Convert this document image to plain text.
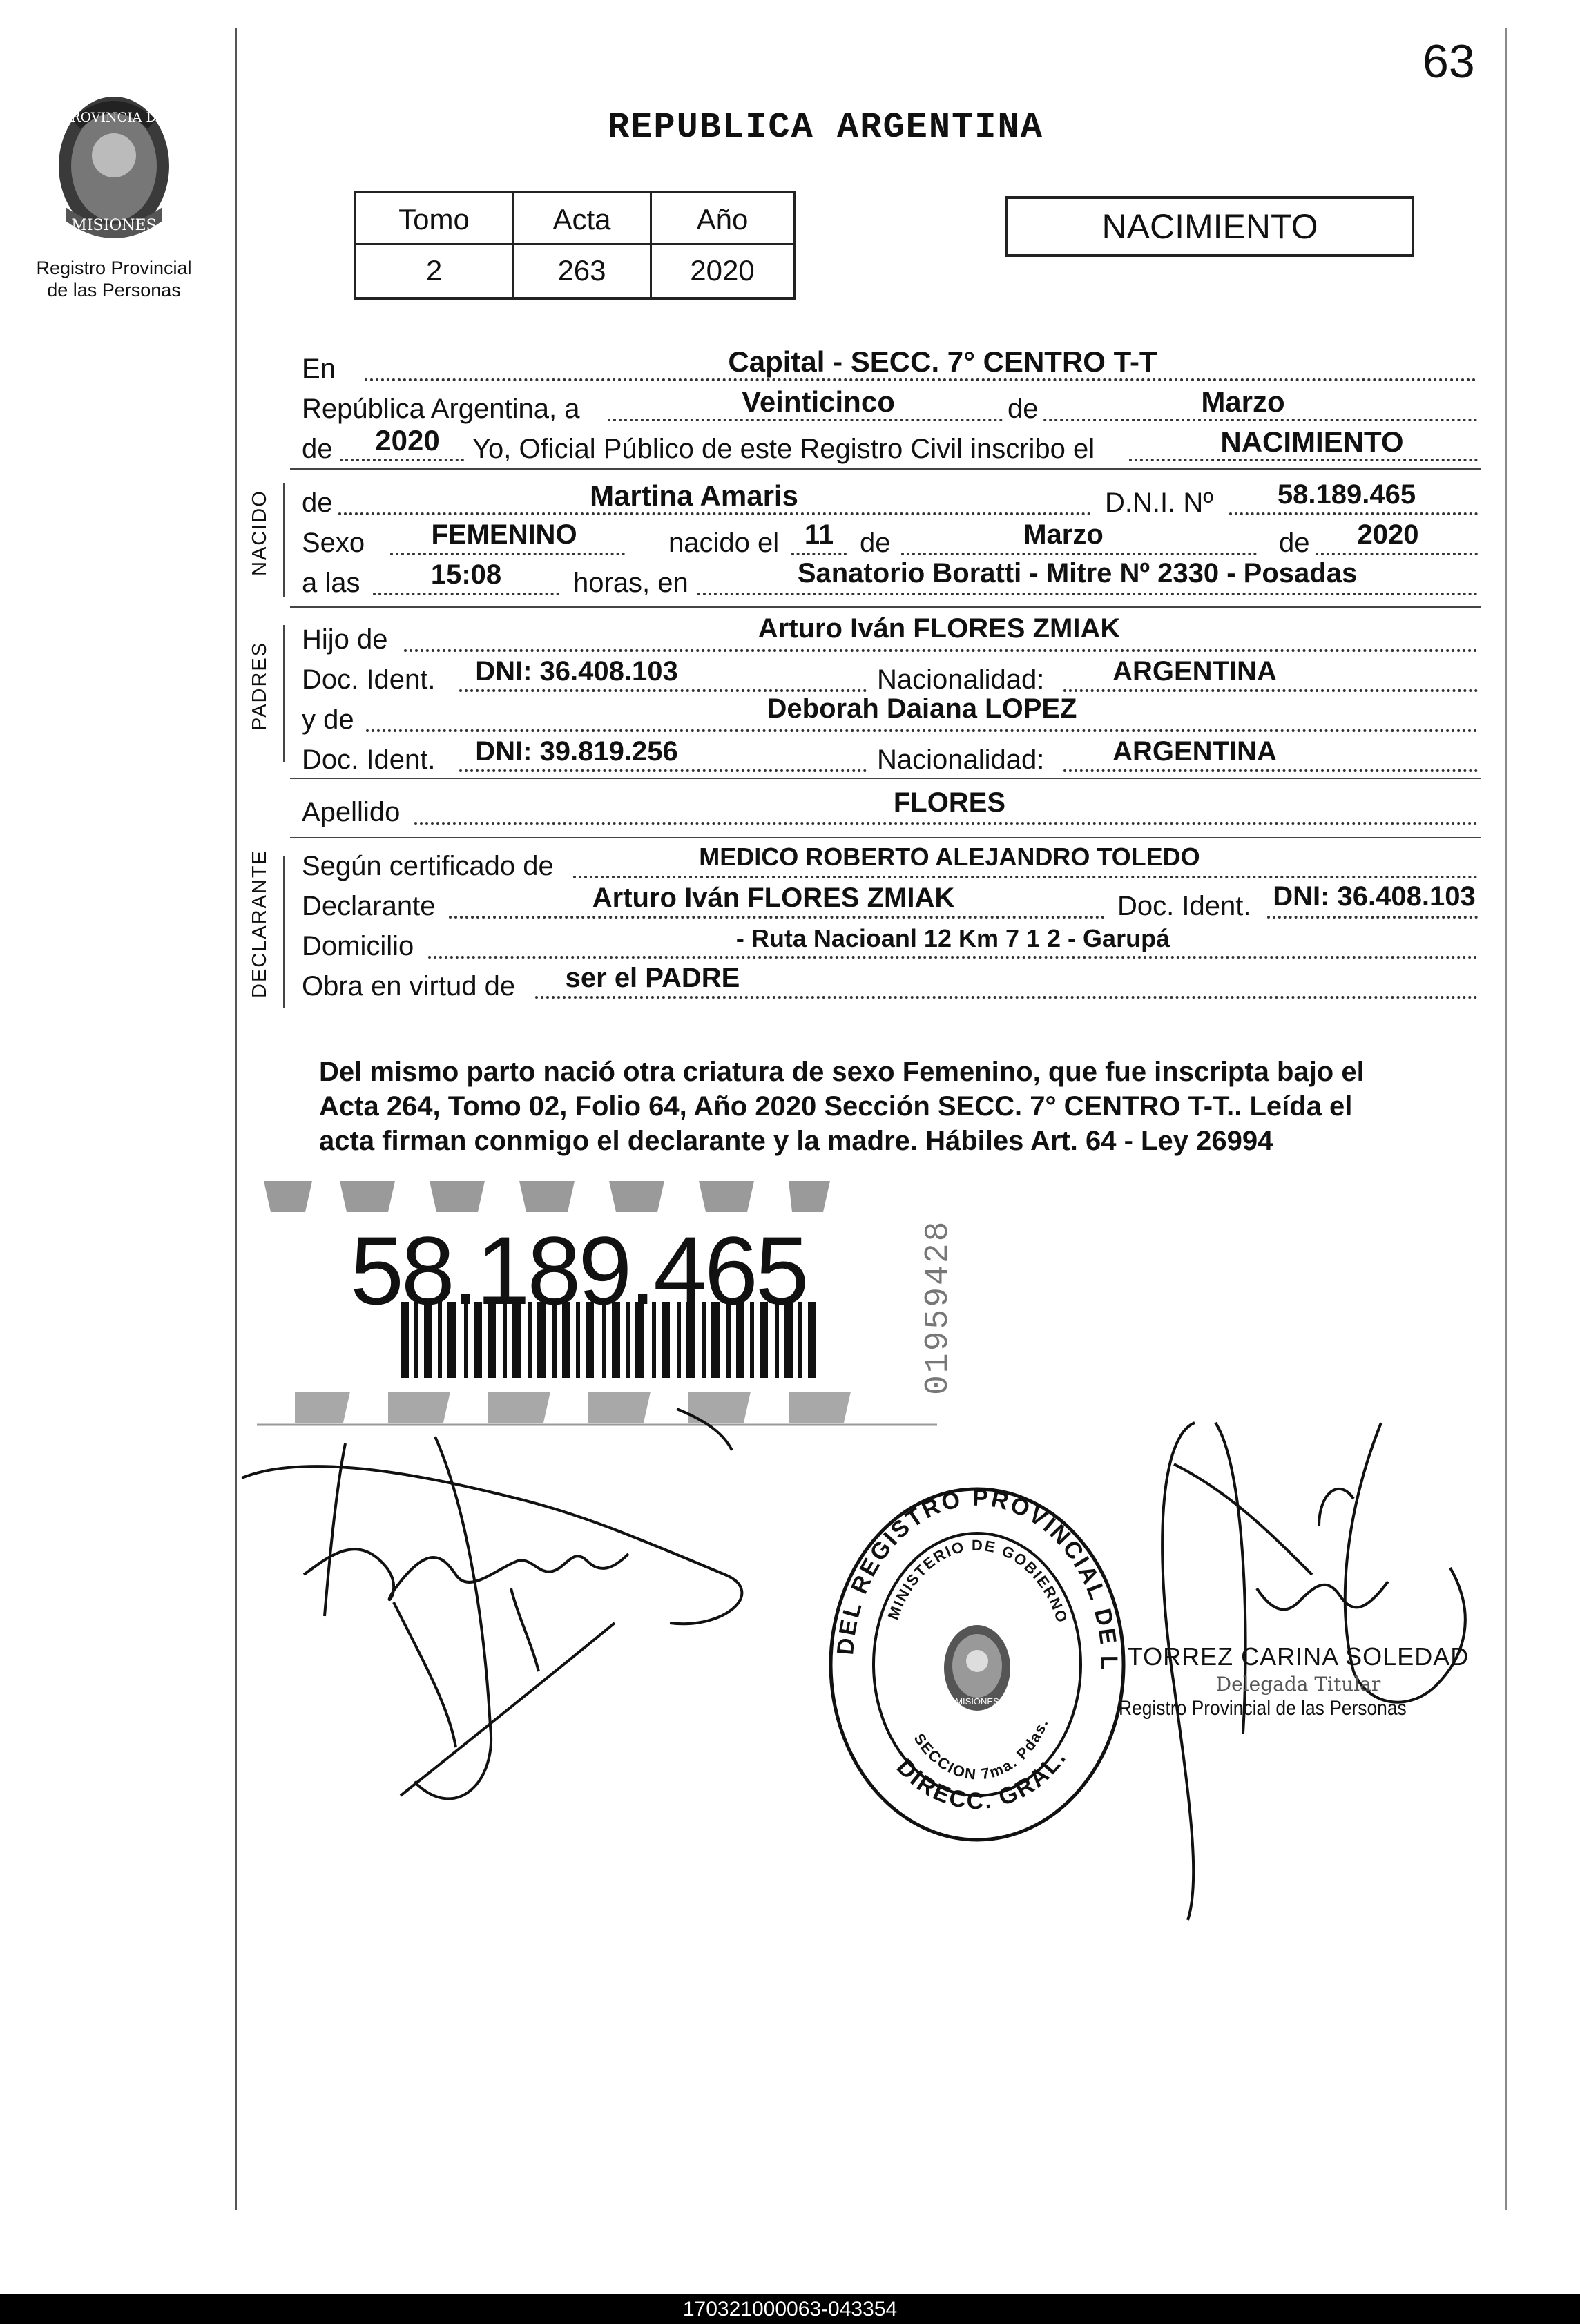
63
PROVINCIA DE
MISIONES
Registro Provincial
de las Personas
REPUBLICA ARGENTINA
Tomo	Acta	Año
2	263	2020
NACIMIENTO
En	Capital - SECC. 7° CENTRO T-T
República Argentina, a	Veinticinco	de	Marzo
de	2020	Yo, Oficial Público de este Registro Civil inscribo el	NACIMIENTO
NACIDO de	Martina Amaris	D.N.I. Nº	58.189.465
Sexo	FEMENINO	nacido el 11 de	Marzo	de	2020
a las	15:08	horas, en	Sanatorio Boratti - Mitre Nº 2330 - Posadas
PADRES
Hijo de	Arturo Iván FLORES ZMIAK
Doc. Ident.	DNI: 36.408.103	Nacionalidad:	ARGENTINA
y de	Deborah Daiana LOPEZ
Doc. Ident.	DNI: 39.819.256	Nacionalidad:	ARGENTINA
Apellido	FLORES
DECLARANTE Según certificado de	MEDICO ROBERTO ALEJANDRO TOLEDO
Declarante	Arturo Iván FLORES ZMIAK	Doc. Ident. DNI: 36.408.103
Domicilio	- Ruta Nacioanl 12 Km 7 1 2 - Garupá
Obra en virtud de	ser el PADRE
Del mismo parto nació otra criatura de sexo Femenino, que fue inscripta bajo el
Acta 264, Tomo 02, Folio 64, Año 2020 Sección SECC. 7° CENTRO T-T.. Leída el
acta firman conmigo el declarante y la madre. Hábiles Art. 64 - Ley 26994
58.189.465	01959428
DEL REGISTRO PROVINCIAL DE L
DIRECC. GRAL.
MINISTERIO DE GOBIERNO
SECCION 7ma. Pdas.
MISIONES
TORREZ CARINA SOLEDAD
Delegada Titular
Registro Provincial de las Personas
170321000063-043354
